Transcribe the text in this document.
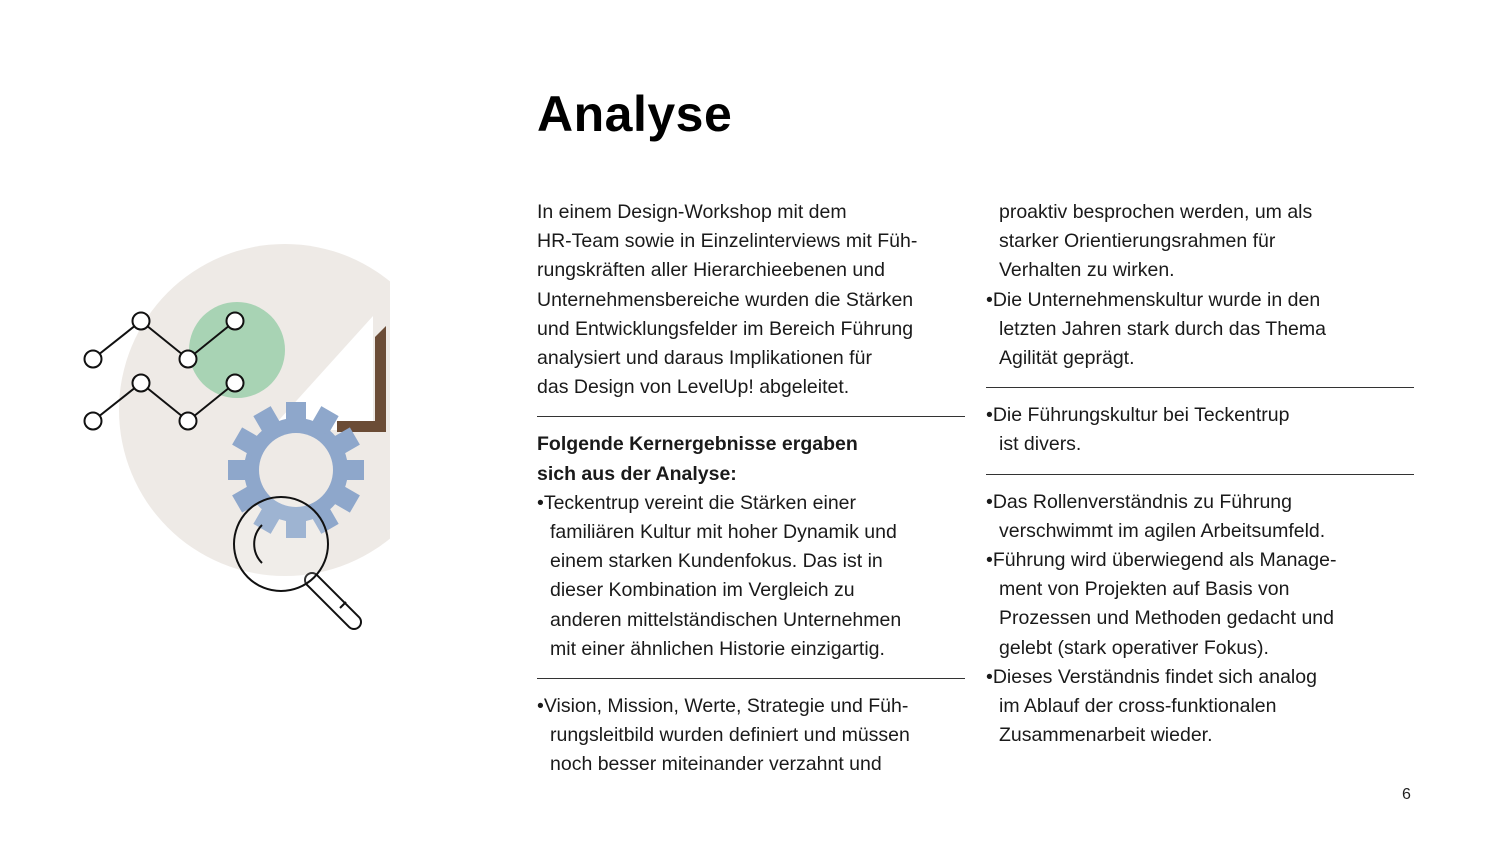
Analyse
In einem Design-Workshop mit dem
HR-Team sowie in Einzelinterviews mit Füh-
rungskräften aller Hierarchieebenen und
Unternehmensbereiche wurden die Stärken
und Entwicklungsfelder im Bereich Führung
analysiert und daraus Implikationen für
das Design von LevelUp! abgeleitet.
Folgende Kernergebnisse ergaben
sich aus der Analyse:
•Teckentrup vereint die Stärken einer
familiären Kultur mit hoher Dynamik und
einem starken Kundenfokus. Das ist in
dieser Kombination im Vergleich zu
anderen mittelständischen Unternehmen
mit einer ähnlichen Historie einzigartig.
•Vision, Mission, Werte, Strategie und Füh-
rungsleitbild wurden definiert und müssen
noch besser miteinander verzahnt und
proaktiv besprochen werden, um als
starker Orientierungsrahmen für
Verhalten zu wirken.
•Die Unternehmenskultur wurde in den
letzten Jahren stark durch das Thema
Agilität geprägt.
•Die Führungskultur bei Teckentrup
ist divers.
•Das Rollenverständnis zu Führung
verschwimmt im agilen Arbeitsumfeld.
•Führung wird überwiegend als Manage-
ment von Projekten auf Basis von
Prozessen und Methoden gedacht und
gelebt (stark operativer Fokus).
•Dieses Verständnis findet sich analog
im Ablauf der cross-funktionalen
Zusammenarbeit wieder.
6
